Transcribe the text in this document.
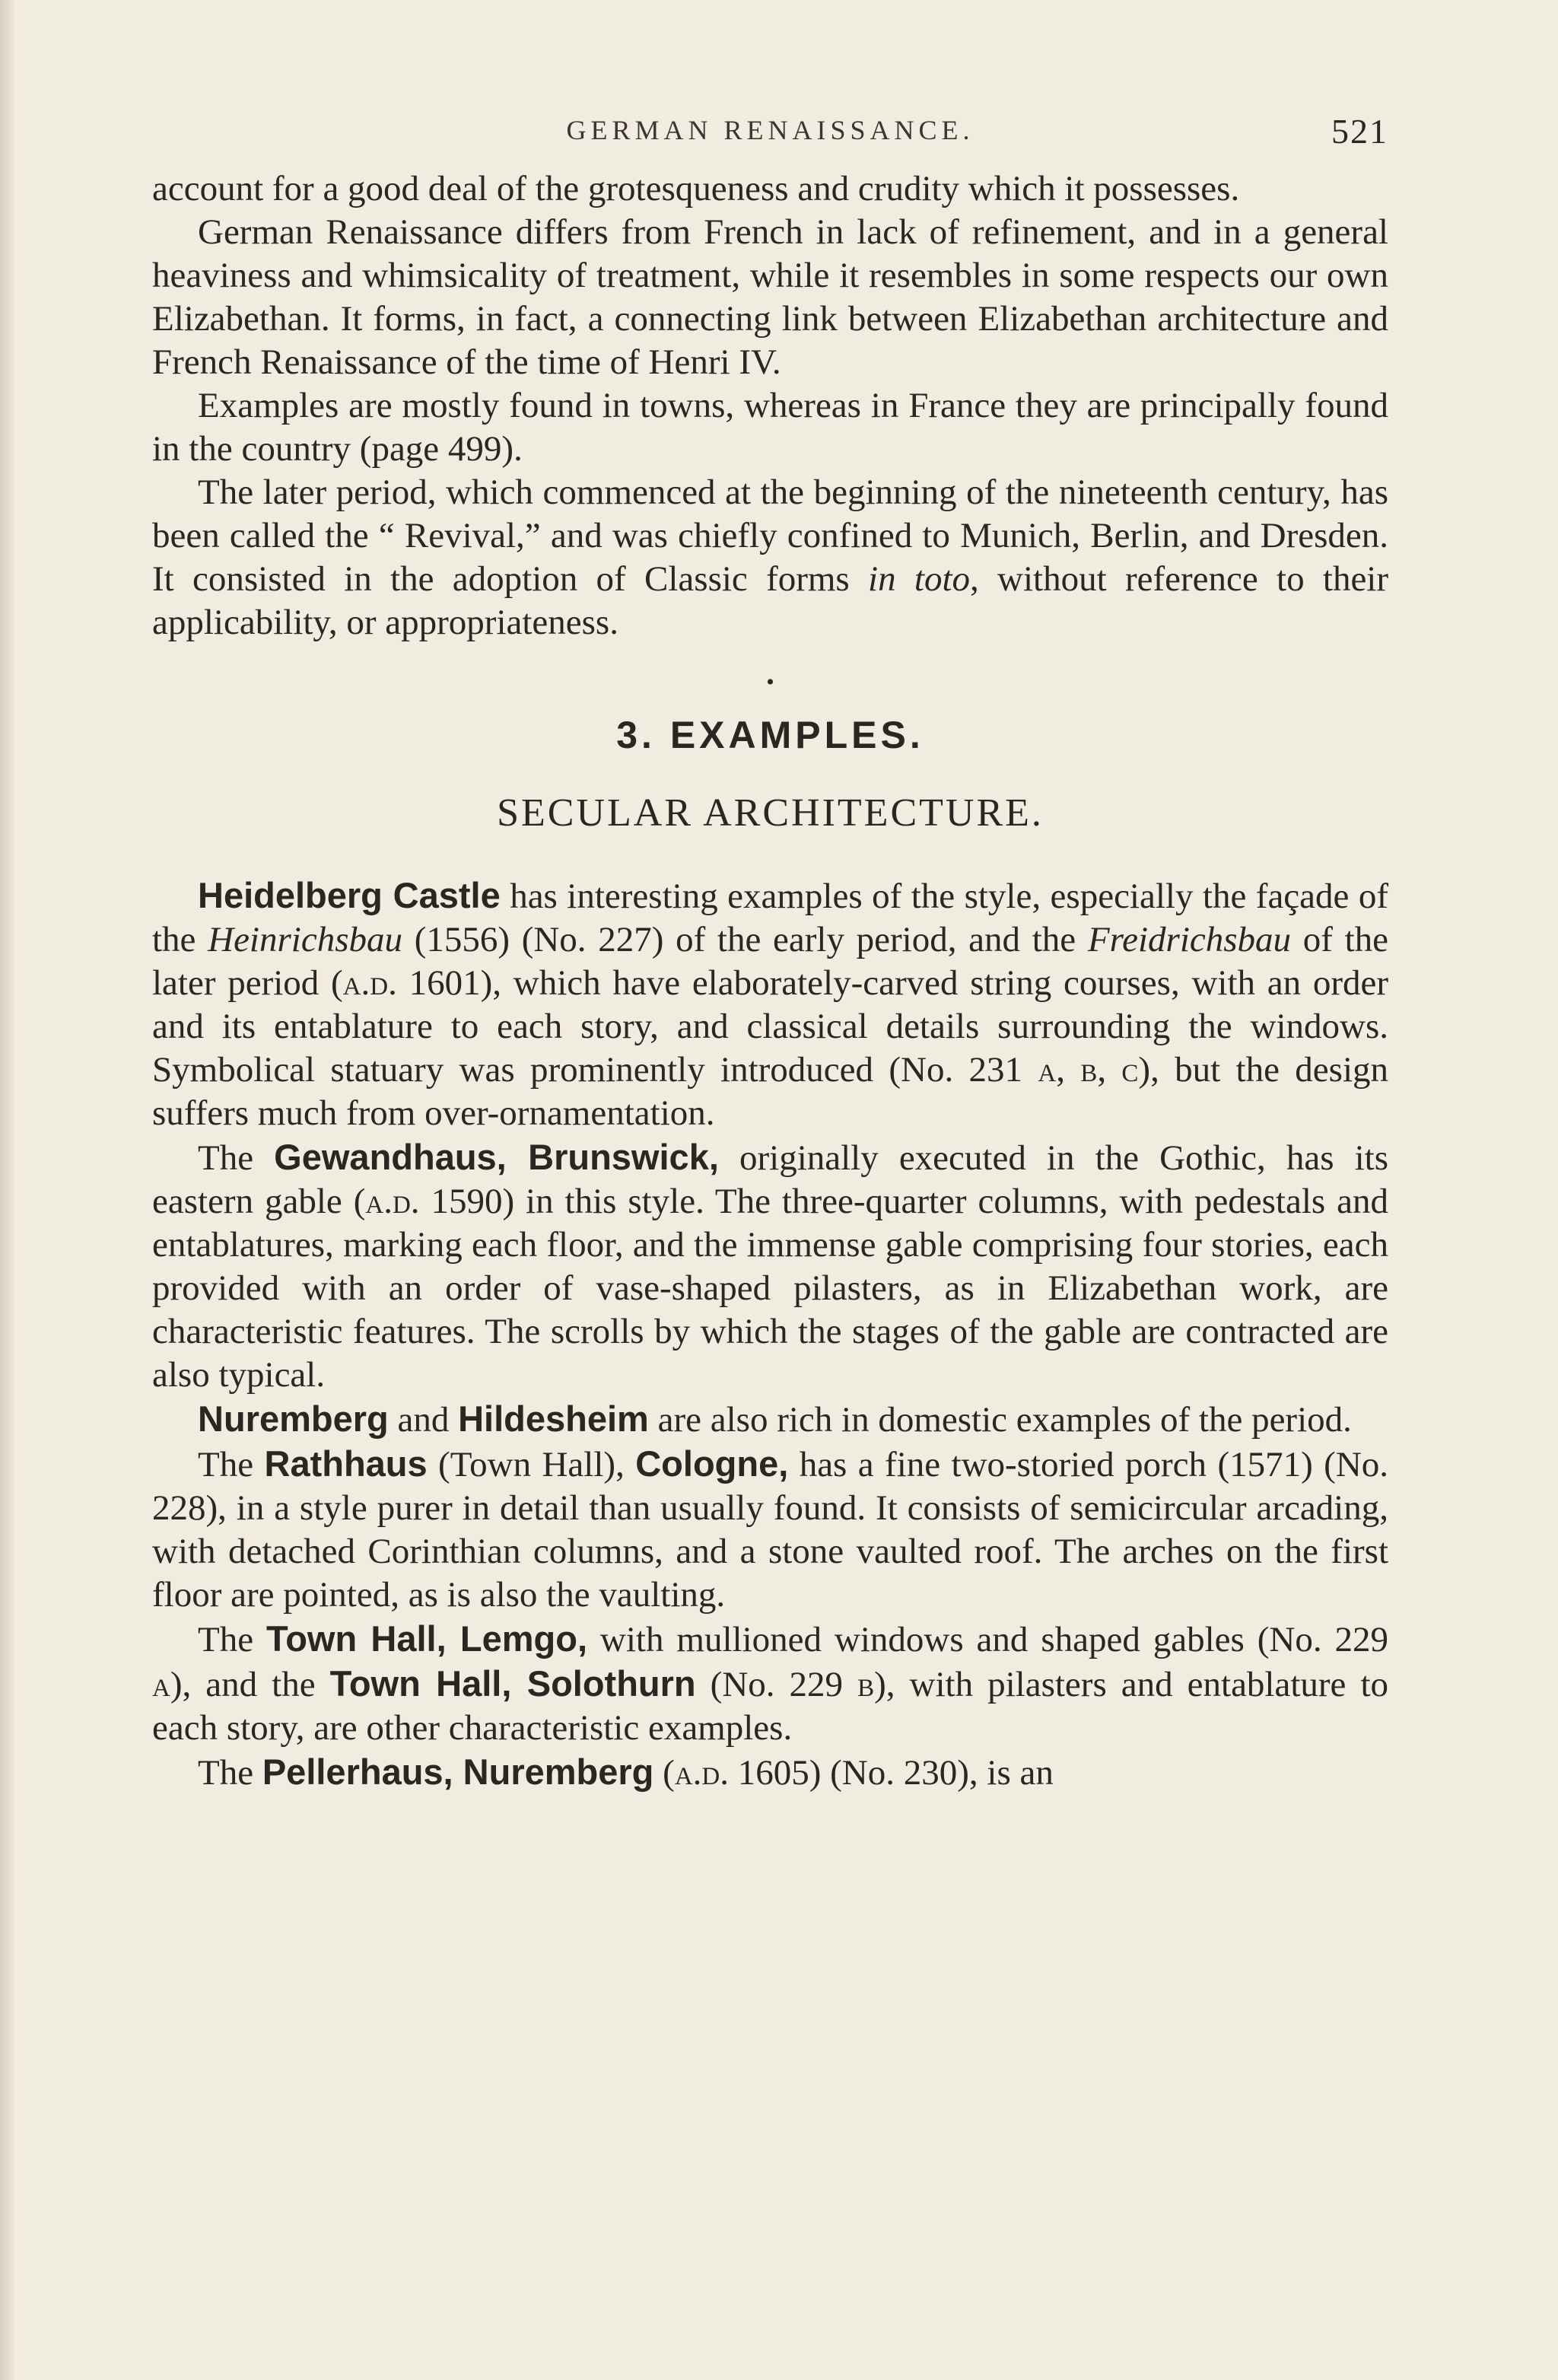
GERMAN RENAISSANCE.	521

account for a good deal of the grotesqueness and crudity which it possesses.

German Renaissance differs from French in lack of refinement, and in a general heaviness and whimsicality of treatment, while it resembles in some respects our own Elizabethan. It forms, in fact, a connecting link between Elizabethan architecture and French Renaissance of the time of Henri IV.

Examples are mostly found in towns, whereas in France they are principally found in the country (page 499).

The later period, which commenced at the beginning of the nineteenth century, has been called the “ Revival,” and was chiefly confined to Munich, Berlin, and Dresden. It consisted in the adoption of Classic forms in toto, without reference to their applicability, or appropriateness.

•
3. EXAMPLES.
SECULAR ARCHITECTURE.

Heidelberg Castle has interesting examples of the style, especially the façade of the Heinrichsbau (1556) (No. 227) of the early period, and the Freidrichsbau of the later period (a.d. 1601), which have elaborately-carved string courses, with an order and its entablature to each story, and classical details surrounding the windows. Symbolical statuary was prominently introduced (No. 231 a, b, c), but the design suffers much from over-ornamentation.

The Gewandhaus, Brunswick, originally executed in the Gothic, has its eastern gable (a.d. 1590) in this style. The three-quarter columns, with pedestals and entablatures, marking each floor, and the immense gable comprising four stories, each provided with an order of vase-shaped pilasters, as in Elizabethan work, are characteristic features. The scrolls by which the stages of the gable are contracted are also typical.

Nuremberg and Hildesheim are also rich in domestic examples of the period.

The Rathhaus (Town Hall), Cologne, has a fine two-storied porch (1571) (No. 228), in a style purer in detail than usually found. It consists of semicircular arcading, with detached Corinthian columns, and a stone vaulted roof. The arches on the first floor are pointed, as is also the vaulting.

The Town Hall, Lemgo, with mullioned windows and shaped gables (No. 229 a), and the Town Hall, Solothurn (No. 229 b), with pilasters and entablature to each story, are other characteristic examples.

The Pellerhaus, Nuremberg (a.d. 1605) (No. 230), is an
